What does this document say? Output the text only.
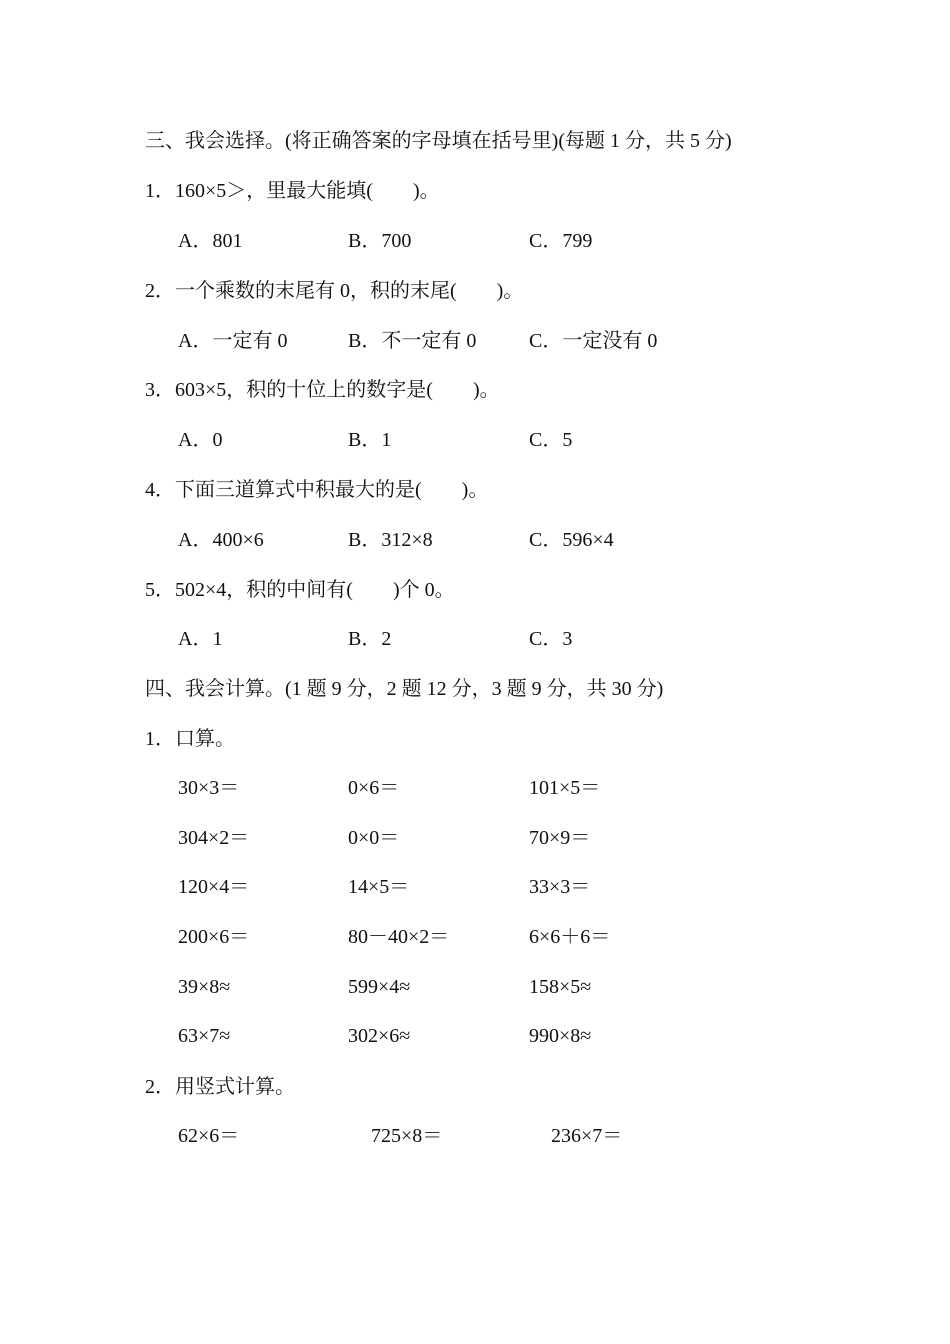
三、我会选择。(将正确答案的字母填在括号里)(每题 1 分，共 5 分)
1．160×5＞，里最大能填(　　)。
A．801	B．700	C．799
2．一个乘数的末尾有 0，积的末尾(　　)。
A．一定有 0	B．不一定有 0	C．一定没有 0
3．603×5，积的十位上的数字是(　　)。
A．0	B．1	C．5
4．下面三道算式中积最大的是(　　)。
A．400×6	B．312×8	C．596×4
5．502×4，积的中间有(　　)个 0。
A．1	B．2	C．3
四、我会计算。(1 题 9 分，2 题 12 分，3 题 9 分，共 30 分)
1．口算。
30×3＝	0×6＝	101×5＝
304×2＝	0×0＝	70×9＝
120×4＝	14×5＝	33×3＝
200×6＝	80－40×2＝	6×6＋6＝
39×8≈	599×4≈	158×5≈
63×7≈	302×6≈	990×8≈
2．用竖式计算。
62×6＝	725×8＝	236×7＝
